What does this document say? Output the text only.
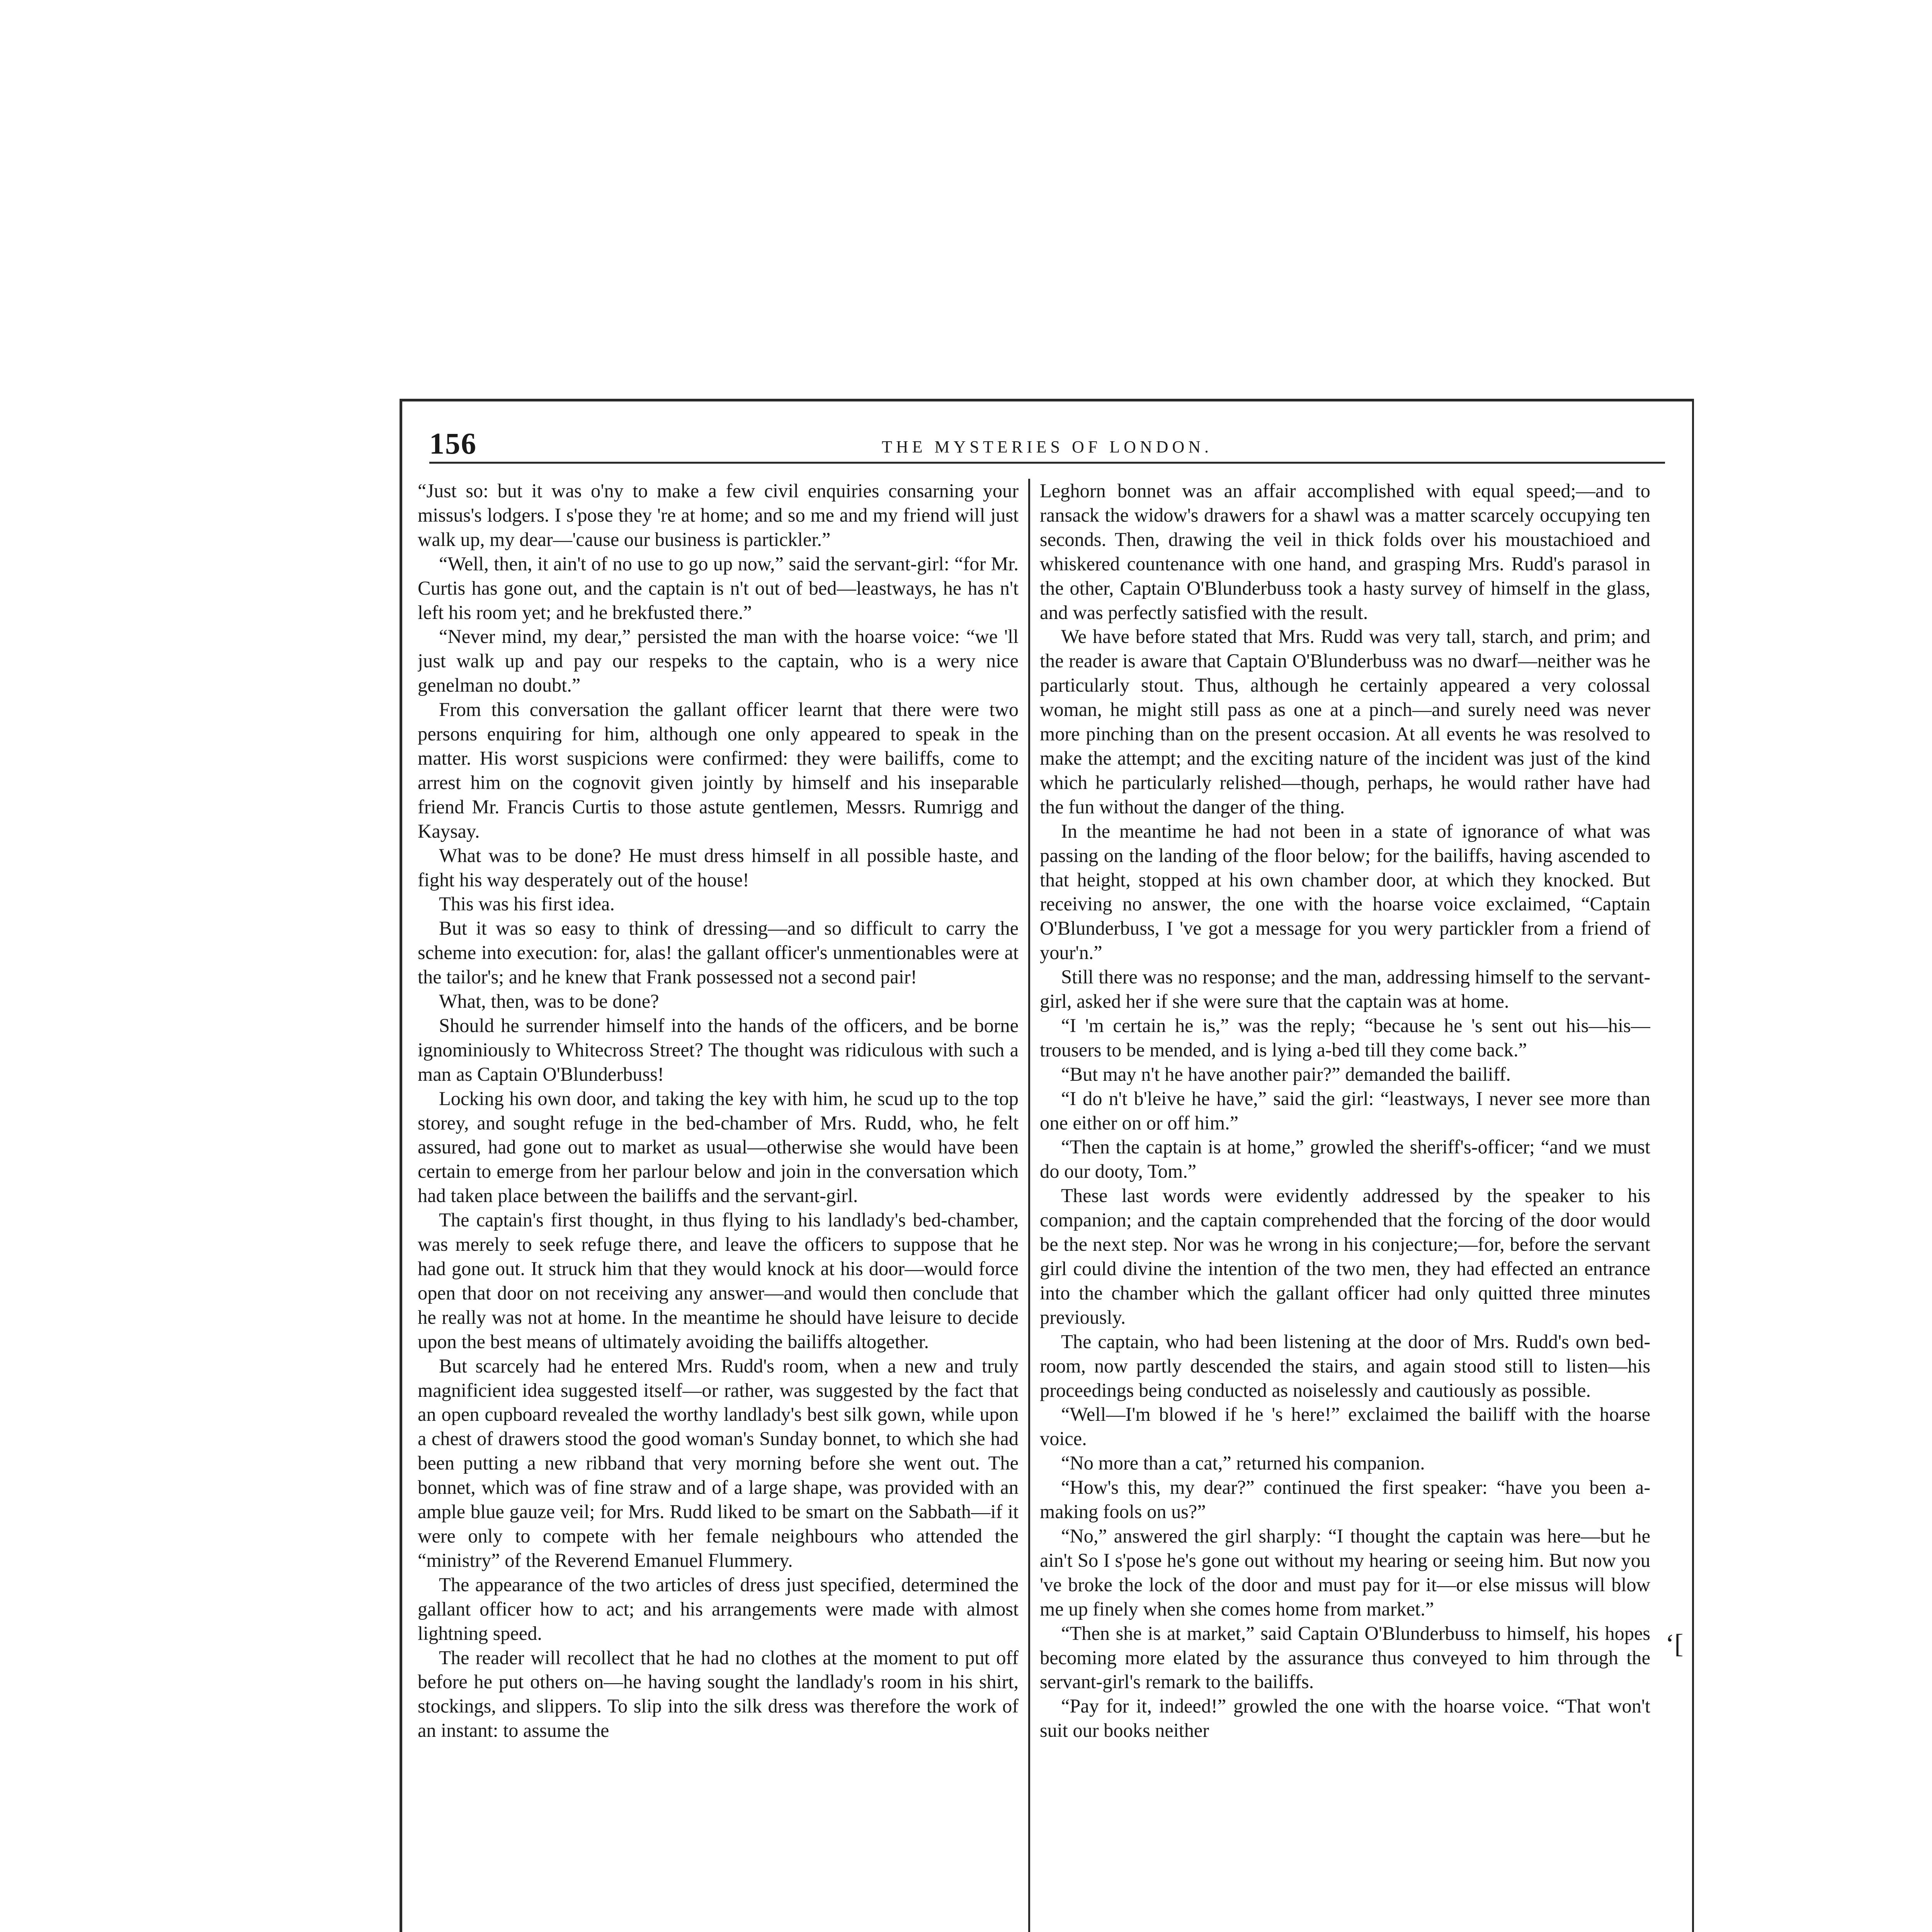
156	THE MYSTERIES OF LONDON.

“Just so: but it was o'ny to make a few civil enquiries consarning your missus's lodgers. I s'pose they 're at home; and so me and my friend will just walk up, my dear—'cause our business is partickler.”

“Well, then, it ain't of no use to go up now,” said the servant-girl: “for Mr. Curtis has gone out, and the captain is n't out of bed—leastways, he has n't left his room yet; and he brekfusted there.”

“Never mind, my dear,” persisted the man with the hoarse voice: “we 'll just walk up and pay our respeks to the captain, who is a wery nice genelman no doubt.”

From this conversation the gallant officer learnt that there were two persons enquiring for him, although one only appeared to speak in the matter. His worst suspicions were confirmed: they were bailiffs, come to arrest him on the cognovit given jointly by himself and his inseparable friend Mr. Francis Curtis to those astute gentlemen, Messrs. Rumrigg and Kaysay.

What was to be done? He must dress himself in all possible haste, and fight his way desperately out of the house!

This was his first idea.

But it was so easy to think of dressing—and so difficult to carry the scheme into execution: for, alas! the gallant officer's unmentionables were at the tailor's; and he knew that Frank possessed not a second pair!

What, then, was to be done?

Should he surrender himself into the hands of the officers, and be borne ignominiously to Whitecross Street? The thought was ridiculous with such a man as Captain O'Blunderbuss!

Locking his own door, and taking the key with him, he scud up to the top storey, and sought refuge in the bed-chamber of Mrs. Rudd, who, he felt assured, had gone out to market as usual—otherwise she would have been certain to emerge from her parlour below and join in the conversation which had taken place between the bailiffs and the servant-girl.

The captain's first thought, in thus flying to his landlady's bed-chamber, was merely to seek refuge there, and leave the officers to suppose that he had gone out. It struck him that they would knock at his door—would force open that door on not receiving any answer—and would then conclude that he really was not at home. In the meantime he should have leisure to decide upon the best means of ultimately avoiding the bailiffs altogether.

But scarcely had he entered Mrs. Rudd's room, when a new and truly magnificient idea suggested itself—or rather, was suggested by the fact that an open cupboard revealed the worthy landlady's best silk gown, while upon a chest of drawers stood the good woman's Sunday bonnet, to which she had been putting a new ribband that very morning before she went out. The bonnet, which was of fine straw and of a large shape, was provided with an ample blue gauze veil; for Mrs. Rudd liked to be smart on the Sabbath—if it were only to compete with her female neighbours who attended the “ministry” of the Reverend Emanuel Flummery.

The appearance of the two articles of dress just specified, determined the gallant officer how to act; and his arrangements were made with almost lightning speed.

The reader will recollect that he had no clothes at the moment to put off before he put others on—he having sought the landlady's room in his shirt, stockings, and slippers. To slip into the silk dress was therefore the work of an instant: to assume the

Leghorn bonnet was an affair accomplished with equal speed;—and to ransack the widow's drawers for a shawl was a matter scarcely occupying ten seconds. Then, drawing the veil in thick folds over his moustachioed and whiskered countenance with one hand, and grasping Mrs. Rudd's parasol in the other, Captain O'Blunderbuss took a hasty survey of himself in the glass, and was perfectly satisfied with the result.

We have before stated that Mrs. Rudd was very tall, starch, and prim; and the reader is aware that Captain O'Blunderbuss was no dwarf—neither was he particularly stout. Thus, although he certainly appeared a very colossal woman, he might still pass as one at a pinch—and surely need was never more pinching than on the present occasion. At all events he was resolved to make the attempt; and the exciting nature of the incident was just of the kind which he particularly relished—though, perhaps, he would rather have had the fun without the danger of the thing.

In the meantime he had not been in a state of ignorance of what was passing on the landing of the floor below; for the bailiffs, having ascended to that height, stopped at his own chamber door, at which they knocked. But receiving no answer, the one with the hoarse voice exclaimed, “Captain O'Blunderbuss, I 've got a message for you wery partickler from a friend of your'n.”

Still there was no response; and the man, addressing himself to the servant-girl, asked her if she were sure that the captain was at home.

“I 'm certain he is,” was the reply; “because he 's sent out his—his—trousers to be mended, and is lying a-bed till they come back.”

“But may n't he have another pair?” demanded the bailiff.

“I do n't b'leive he have,” said the girl: “leastways, I never see more than one either on or off him.”

“Then the captain is at home,” growled the sheriff's-officer; “and we must do our dooty, Tom.”

These last words were evidently addressed by the speaker to his companion; and the captain comprehended that the forcing of the door would be the next step. Nor was he wrong in his conjecture;—for, before the servant girl could divine the intention of the two men, they had effected an entrance into the chamber which the gallant officer had only quitted three minutes previously.

The captain, who had been listening at the door of Mrs. Rudd's own bed-room, now partly descended the stairs, and again stood still to listen—his proceedings being conducted as noiselessly and cautiously as possible.

“Well—I'm blowed if he 's here!” exclaimed the bailiff with the hoarse voice.

“No more than a cat,” returned his companion.

“How's this, my dear?” continued the first speaker: “have you been a-making fools on us?”

“No,” answered the girl sharply: “I thought the captain was here—but he ain't So I s'pose he's gone out without my hearing or seeing him. But now you 've broke the lock of the door and must pay for it—or else missus will blow me up finely when she comes home from market.”

“Then she is at market,” said Captain O'Blunderbuss to himself, his hopes becoming more elated by the assurance thus conveyed to him through the servant-girl's remark to the bailiffs.

“Pay for it, indeed!” growled the one with the hoarse voice. “That won't suit our books neither

ʻ[
